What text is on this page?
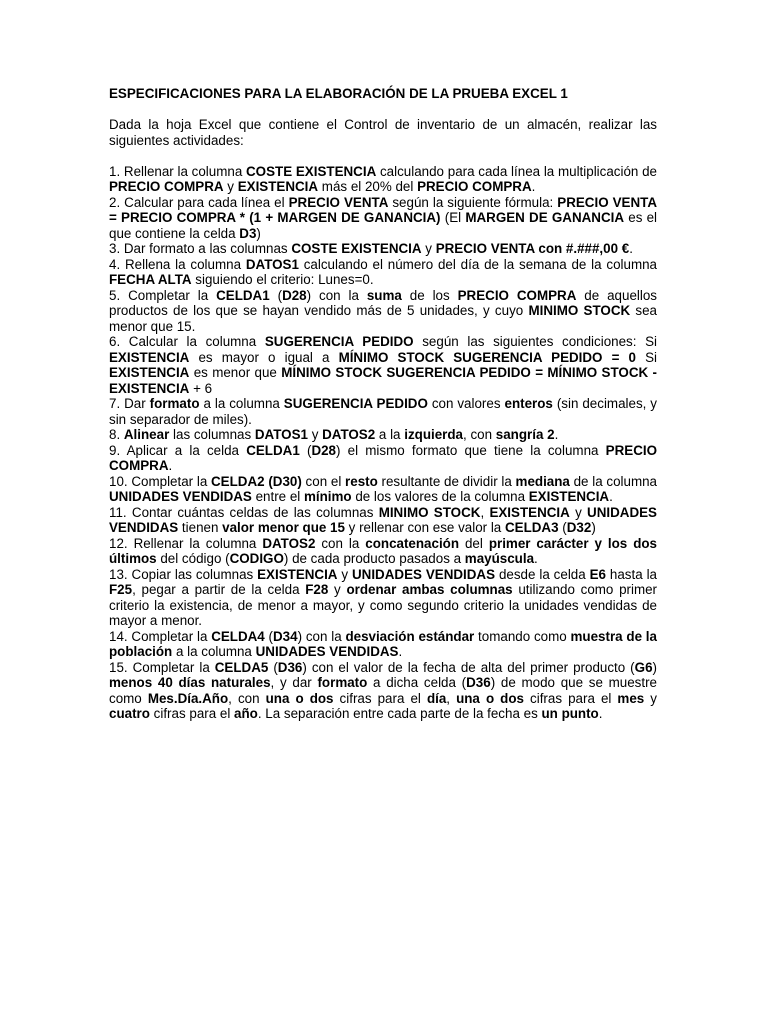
ESPECIFICACIONES PARA LA ELABORACIÓN DE LA PRUEBA EXCEL 1
Dada la hoja Excel que contiene el Control de inventario de un almacén, realizar las siguientes actividades:
1. Rellenar la columna COSTE EXISTENCIA calculando para cada línea la multiplicación de PRECIO COMPRA y EXISTENCIA más el 20% del PRECIO COMPRA.
2. Calcular para cada línea el PRECIO VENTA según la siguiente fórmula: PRECIO VENTA = PRECIO COMPRA * (1 + MARGEN DE GANANCIA) (El MARGEN DE GANANCIA es el que contiene la celda D3)
3. Dar formato a las columnas COSTE EXISTENCIA y PRECIO VENTA con #.###,00 €.
4. Rellena la columna DATOS1 calculando el número del día de la semana de la columna FECHA ALTA siguiendo el criterio: Lunes=0.
5. Completar la CELDA1 (D28) con la suma de los PRECIO COMPRA de aquellos productos de los que se hayan vendido más de 5 unidades, y cuyo MINIMO STOCK sea menor que 15.
6. Calcular la columna SUGERENCIA PEDIDO según las siguientes condiciones: Si EXISTENCIA es mayor o igual a MÍNIMO STOCK SUGERENCIA PEDIDO = 0 Si EXISTENCIA es menor que MÍNIMO STOCK SUGERENCIA PEDIDO = MÍNIMO STOCK - EXISTENCIA + 6
7. Dar formato a la columna SUGERENCIA PEDIDO con valores enteros (sin decimales, y sin separador de miles).
8. Alinear las columnas DATOS1 y DATOS2 a la izquierda, con sangría 2.
9. Aplicar a la celda CELDA1 (D28) el mismo formato que tiene la columna PRECIO COMPRA.
10. Completar la CELDA2 (D30) con el resto resultante de dividir la mediana de la columna UNIDADES VENDIDAS entre el mínimo de los valores de la columna EXISTENCIA.
11. Contar cuántas celdas de las columnas MINIMO STOCK, EXISTENCIA y UNIDADES VENDIDAS tienen valor menor que 15 y rellenar con ese valor la CELDA3 (D32)
12. Rellenar la columna DATOS2 con la concatenación del primer carácter y los dos últimos del código (CODIGO) de cada producto pasados a mayúscula.
13. Copiar las columnas EXISTENCIA y UNIDADES VENDIDAS desde la celda E6 hasta la F25, pegar a partir de la celda F28 y ordenar ambas columnas utilizando como primer criterio la existencia, de menor a mayor, y como segundo criterio la unidades vendidas de mayor a menor.
14. Completar la CELDA4 (D34) con la desviación estándar tomando como muestra de la población a la columna UNIDADES VENDIDAS.
15. Completar la CELDA5 (D36) con el valor de la fecha de alta del primer producto (G6) menos 40 días naturales, y dar formato a dicha celda (D36) de modo que se muestre como Mes.Día.Año, con una o dos cifras para el día, una o dos cifras para el mes y cuatro cifras para el año. La separación entre cada parte de la fecha es un punto.
